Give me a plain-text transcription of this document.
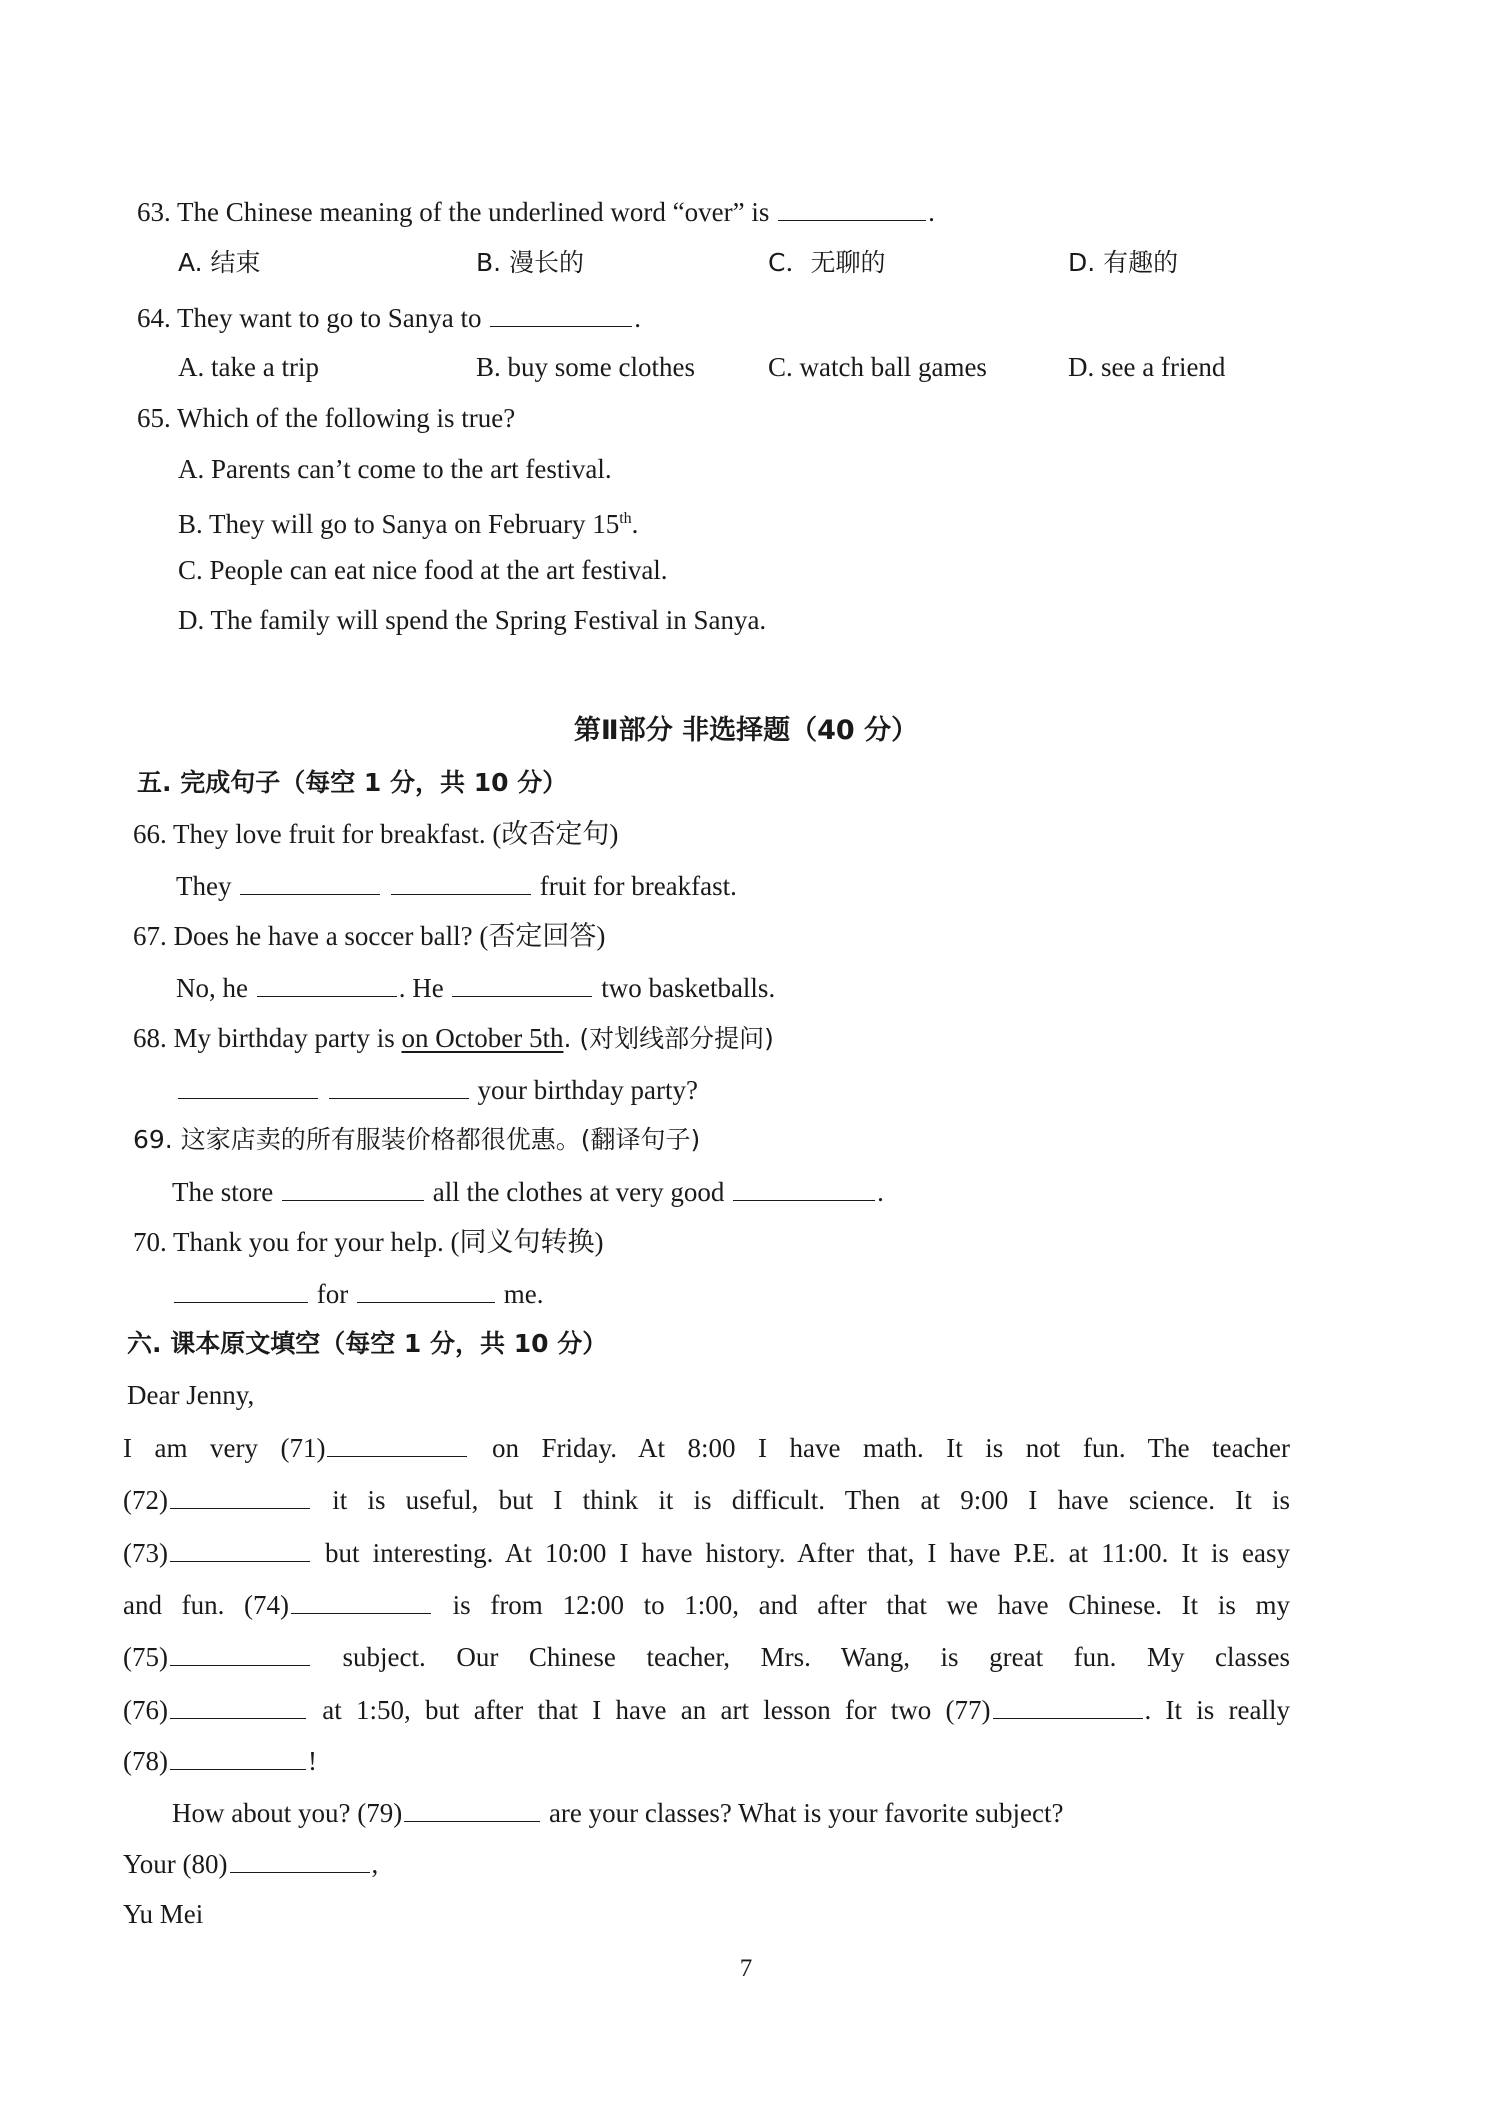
63. The Chinese meaning of the underlined word “over” is	.
A. 结束	B. 漫长的	C．无聊的	D. 有趣的
64. They want to go to Sanya to	.
A. take a trip	B. buy some clothes	C. watch ball games	D. see a friend
65. Which of the following is true?
A. Parents can’t come to the art festival.
B. They will go to Sanya on February 15th.
C. People can eat nice food at the art festival.
D. The family will spend the Spring Festival in Sanya.
第Ⅱ部分 非选择题（40 分）
五. 完成句子（每空 1 分，共 10 分）
66. They love fruit for breakfast. (改否定句)
They	fruit for breakfast.
67. Does he have a soccer ball? (否定回答)
No, he	. He	two basketballs.
68. My birthday party is on October 5th. (对划线部分提问)
your birthday party?
69. 这家店卖的所有服装价格都很优惠。(翻译句子)
The store	all the clothes at very good	.
70. Thank you for your help. (同义句转换)
for	me.
六. 课本原文填空（每空 1 分，共 10 分）
Dear Jenny,
I am very (71)	on Friday. At 8:00 I have math. It is not fun. The teacher
(72)	it is useful, but I think it is difficult. Then at 9:00 I have science. It is
(73)	but interesting. At 10:00 I have history. After that, I have P.E. at 11:00. It is easy
and fun. (74)	is from 12:00 to 1:00, and after that we have Chinese. It is my
(75)	subject. Our Chinese teacher, Mrs. Wang, is great fun. My classes
(76)	at 1:50, but after that I have an art lesson for two (77)	. It is really
(78)	!
How about you? (79)	are your classes? What is your favorite subject?
Your (80)	,
Yu Mei
7
